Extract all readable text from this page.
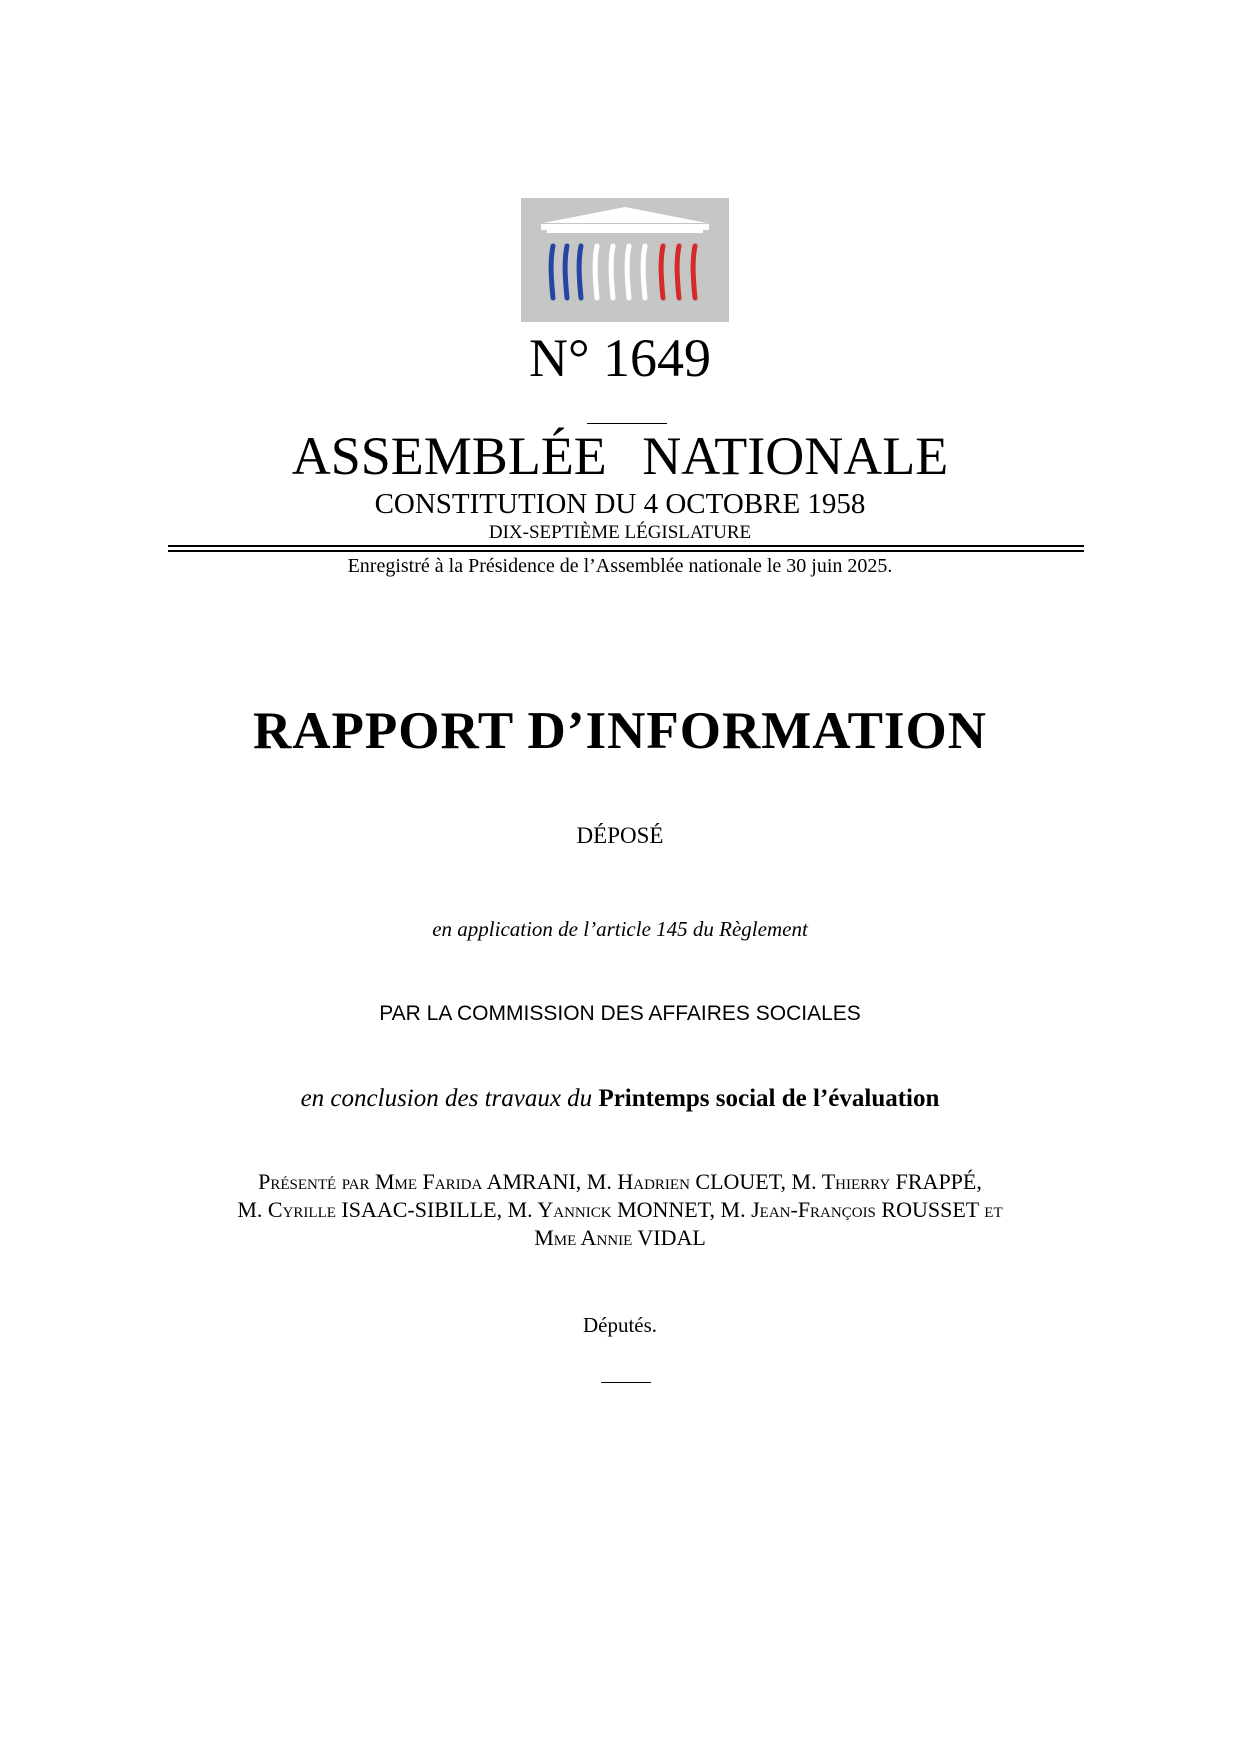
N° 1649
ASSEMBLÉE NATIONALE
CONSTITUTION DU 4 OCTOBRE 1958
DIX-SEPTIÈME LÉGISLATURE
Enregistré à la Présidence de l’Assemblée nationale le 30 juin 2025.
RAPPORT D’INFORMATION
DÉPOSÉ
en application de l’article 145 du Règlement
PAR LA COMMISSION DES AFFAIRES SOCIALES
en conclusion des travaux du Printemps social de l’évaluation
Présenté par Mme Farida AMRANI, M. Hadrien CLOUET, M. Thierry FRAPPÉ,
M. Cyrille ISAAC-SIBILLE, M. Yannick MONNET, M. Jean-François ROUSSET et
Mme Annie VIDAL
Députés.
